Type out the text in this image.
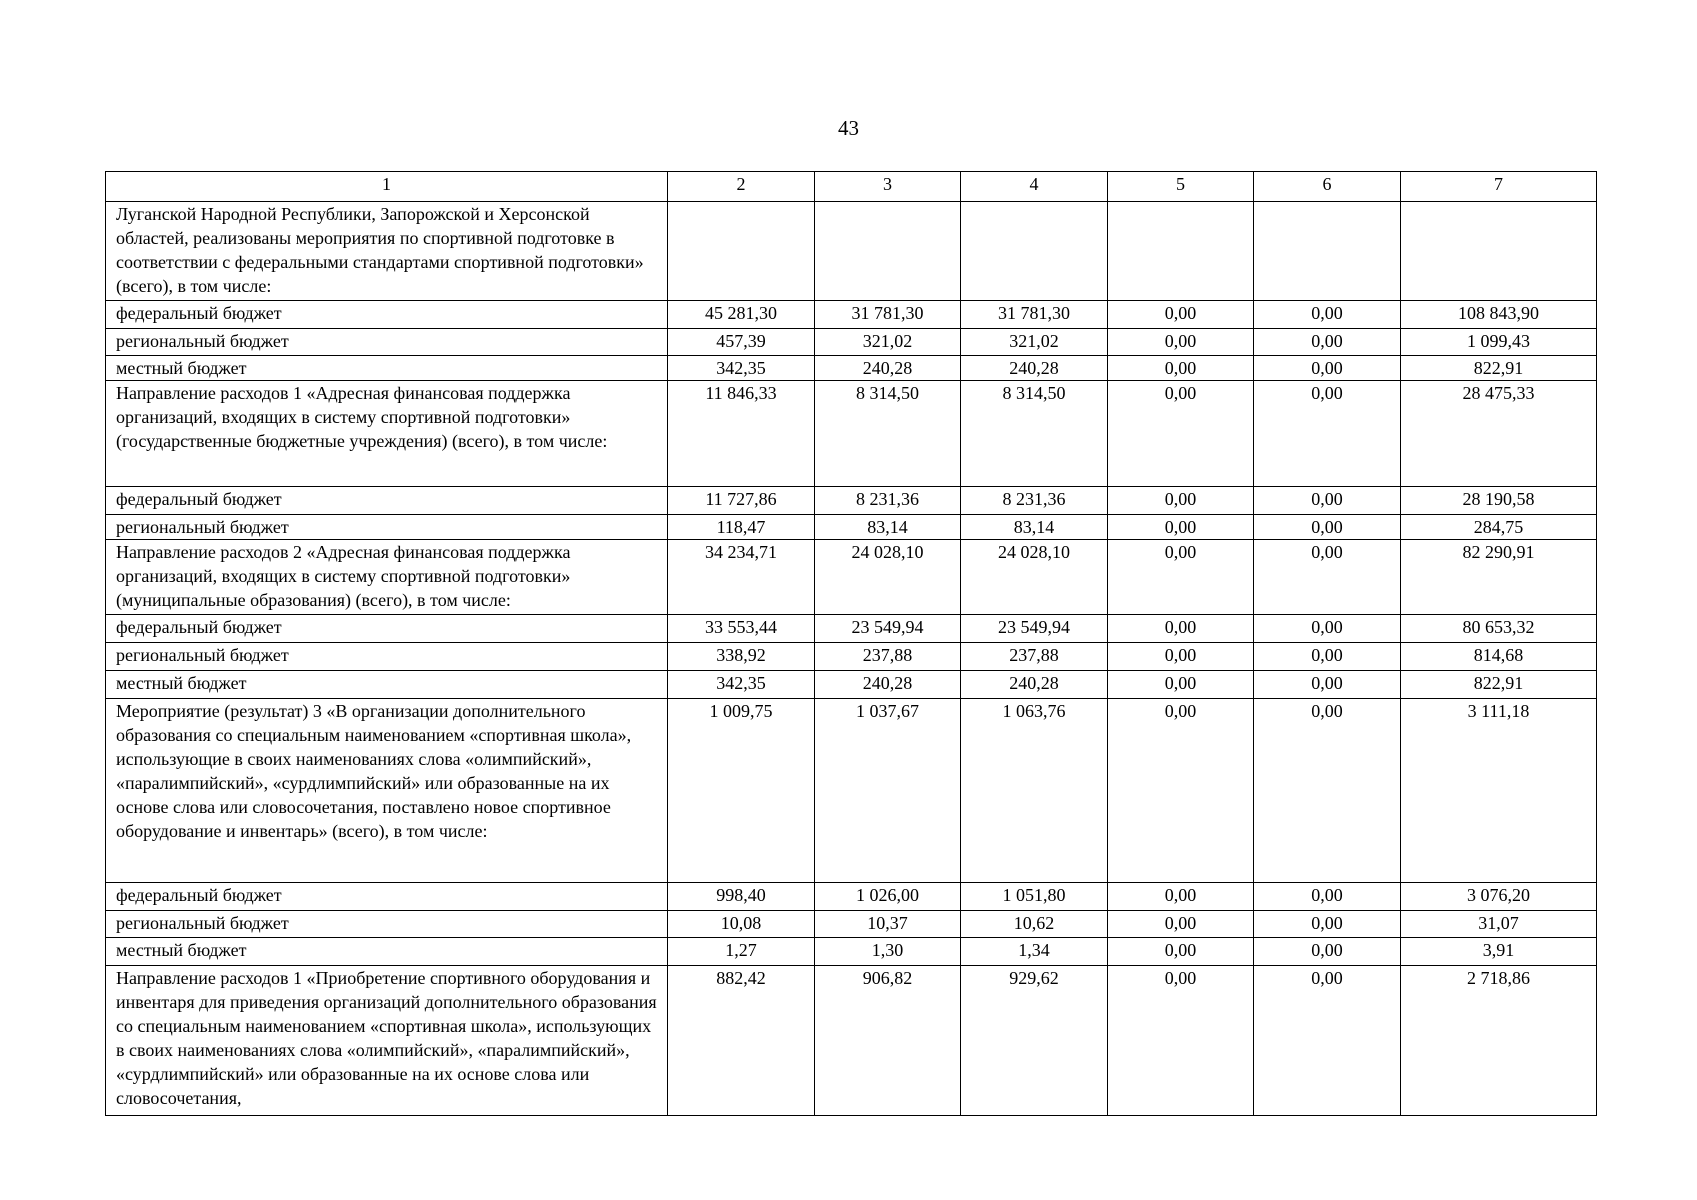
43
1	2	3	4	5	6	7
Луганской Народной Республики, Запорожской и Херсонской областей, реализованы мероприятия по спортивной подготовке в соответствии с федеральными стандартами спортивной подготовки» (всего), в том числе:						
федеральный бюджет	45 281,30	31 781,30	31 781,30	0,00	0,00	108 843,90
региональный бюджет	457,39	321,02	321,02	0,00	0,00	1 099,43
местный бюджет	342,35	240,28	240,28	0,00	0,00	822,91
Направление расходов 1 «Адресная финансовая поддержка организаций, входящих в систему спортивной подготовки» (государственные бюджетные учреждения) (всего), в том числе:	11 846,33	8 314,50	8 314,50	0,00	0,00	28 475,33
федеральный бюджет	11 727,86	8 231,36	8 231,36	0,00	0,00	28 190,58
региональный бюджет	118,47	83,14	83,14	0,00	0,00	284,75
Направление расходов 2 «Адресная финансовая поддержка организаций, входящих в систему спортивной подготовки» (муниципальные образования) (всего), в том числе:	34 234,71	24 028,10	24 028,10	0,00	0,00	82 290,91
федеральный бюджет	33 553,44	23 549,94	23 549,94	0,00	0,00	80 653,32
региональный бюджет	338,92	237,88	237,88	0,00	0,00	814,68
местный бюджет	342,35	240,28	240,28	0,00	0,00	822,91
Мероприятие (результат) 3 «В организации дополнительного образования со специальным наименованием «спортивная школа», использующие в своих наименованиях слова «олимпийский», «паралимпийский», «сурдлимпийский» или образованные на их основе слова или словосочетания, поставлено новое спортивное оборудование и инвентарь» (всего), в том числе:	1 009,75	1 037,67	1 063,76	0,00	0,00	3 111,18
федеральный бюджет	998,40	1 026,00	1 051,80	0,00	0,00	3 076,20
региональный бюджет	10,08	10,37	10,62	0,00	0,00	31,07
местный бюджет	1,27	1,30	1,34	0,00	0,00	3,91
Направление расходов 1 «Приобретение спортивного оборудования и инвентаря для приведения организаций дополнительного образования со специальным наименованием «спортивная школа», использующих в своих наименованиях слова «олимпийский», «паралимпийский», «сурдлимпийский» или образованные на их основе слова или словосочетания,	882,42	906,82	929,62	0,00	0,00	2 718,86
